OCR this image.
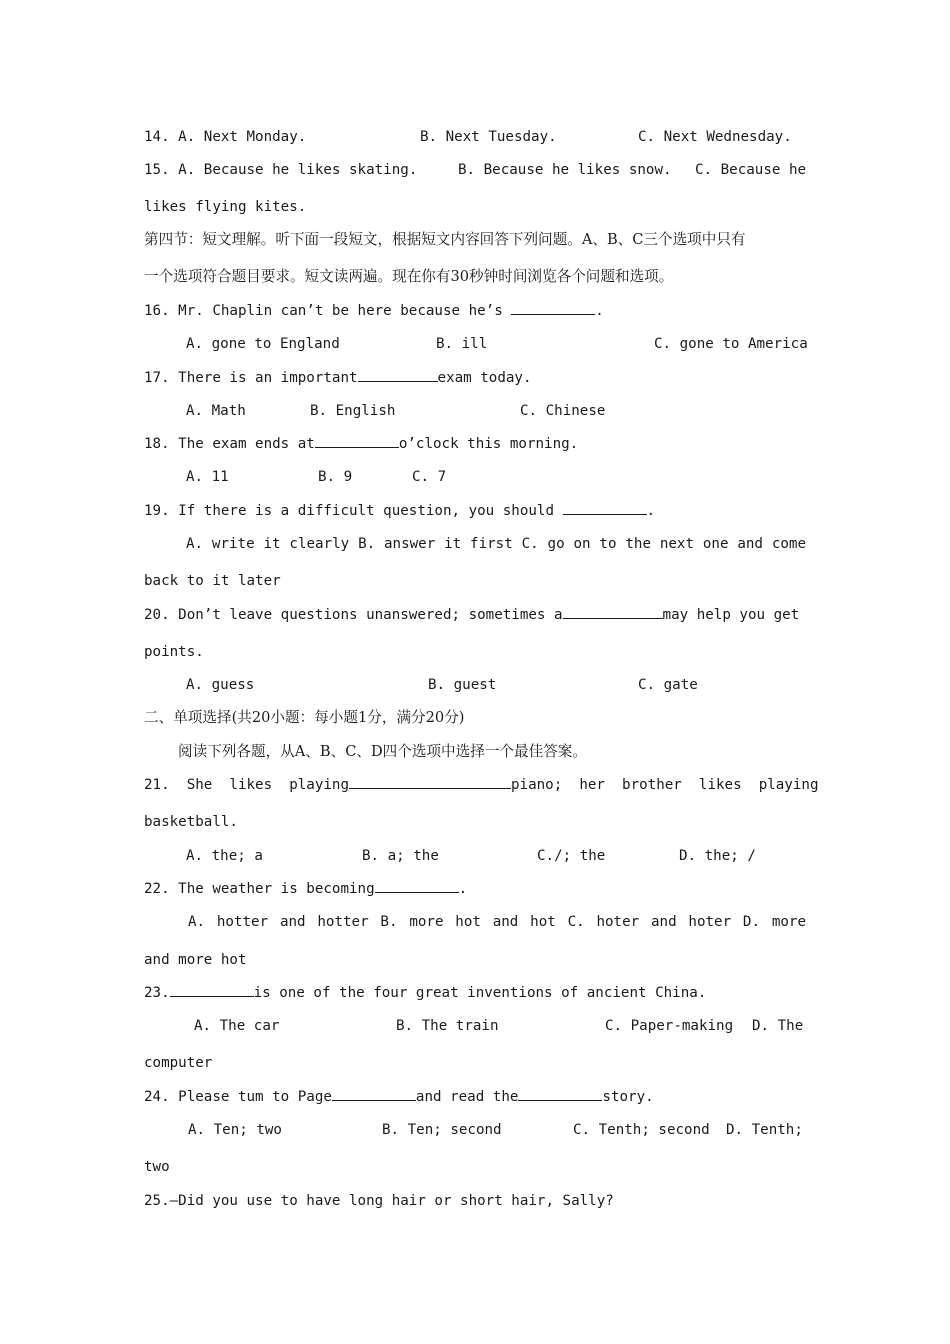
14. A. Next Monday.

	B. Next Tuesday.

	C. Next Wednesday.

15. A. Because he likes skating.

	B. Because he likes snow.

C. Because he

likes flying kites.
第四节：短文理解。听下面一段短文，根据短文内容回答下列问题。A、B、C三个选项中只有
一个选项符合题目要求。短文读两遍。现在你有30秒钟时间浏览各个问题和选项。
16. Mr. Chaplin can’t be here because he’s	.

A. gone to England

	B. ill

	C. gone to America

17. There is an important	exam today.

A. Math

	B. English

	C. Chinese

18. The exam ends at	o’clock this morning.

A. 11

	B. 9

	C. 7

19. If there is a difficult question, you should	.
A. write it clearly B. answer it first C. go on to the next one and come
back to it later
20. Don’t leave questions unanswered; sometimes a	may help you get
points.

A. guess

	B. guest

	C. gate

二、单项选择(共20小题：每小题1分，满分20分)
阅读下列各题，从A、B、C、D四个选项中选择一个最佳答案。
21.  She  likes  playing	piano;  her  brother  likes  playing
basketball.

A. the; a

	B. a; the

	C./; the

	D. the; /

22. The weather is becoming	.
A. hotter and hotter B. more hot and hot C. hoter and hoter D. more
and more hot
23.	is one of the four great inventions of ancient China.

A. The car

	B. The train

	C. Paper-making

D. The

computer
24. Please tum to Page	and read the	story.

A. Ten; two

	B. Ten; second

	C. Tenth; second

D. Tenth;

two
25.—Did you use to have long hair or short hair, Sally?
